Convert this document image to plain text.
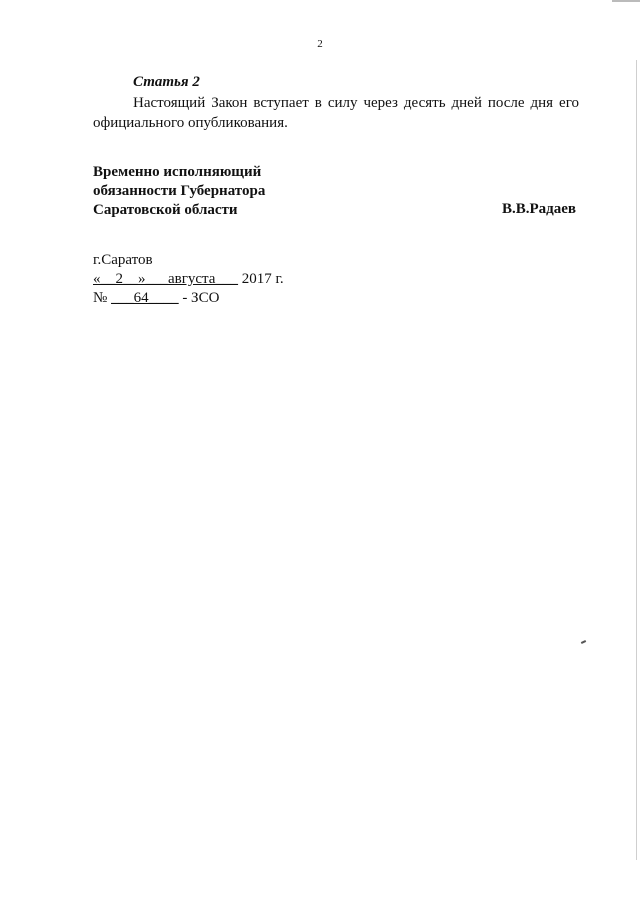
2
Статья 2
Настоящий Закон вступает в силу через десять дней после дня его официального опубликования.
Временно исполняющий
обязанности Губернатора
Саратовской области	В.В.Радаев
г.Саратов
«__2__»___августа___ 2017 г.
№ ___64____ - ЗСО
